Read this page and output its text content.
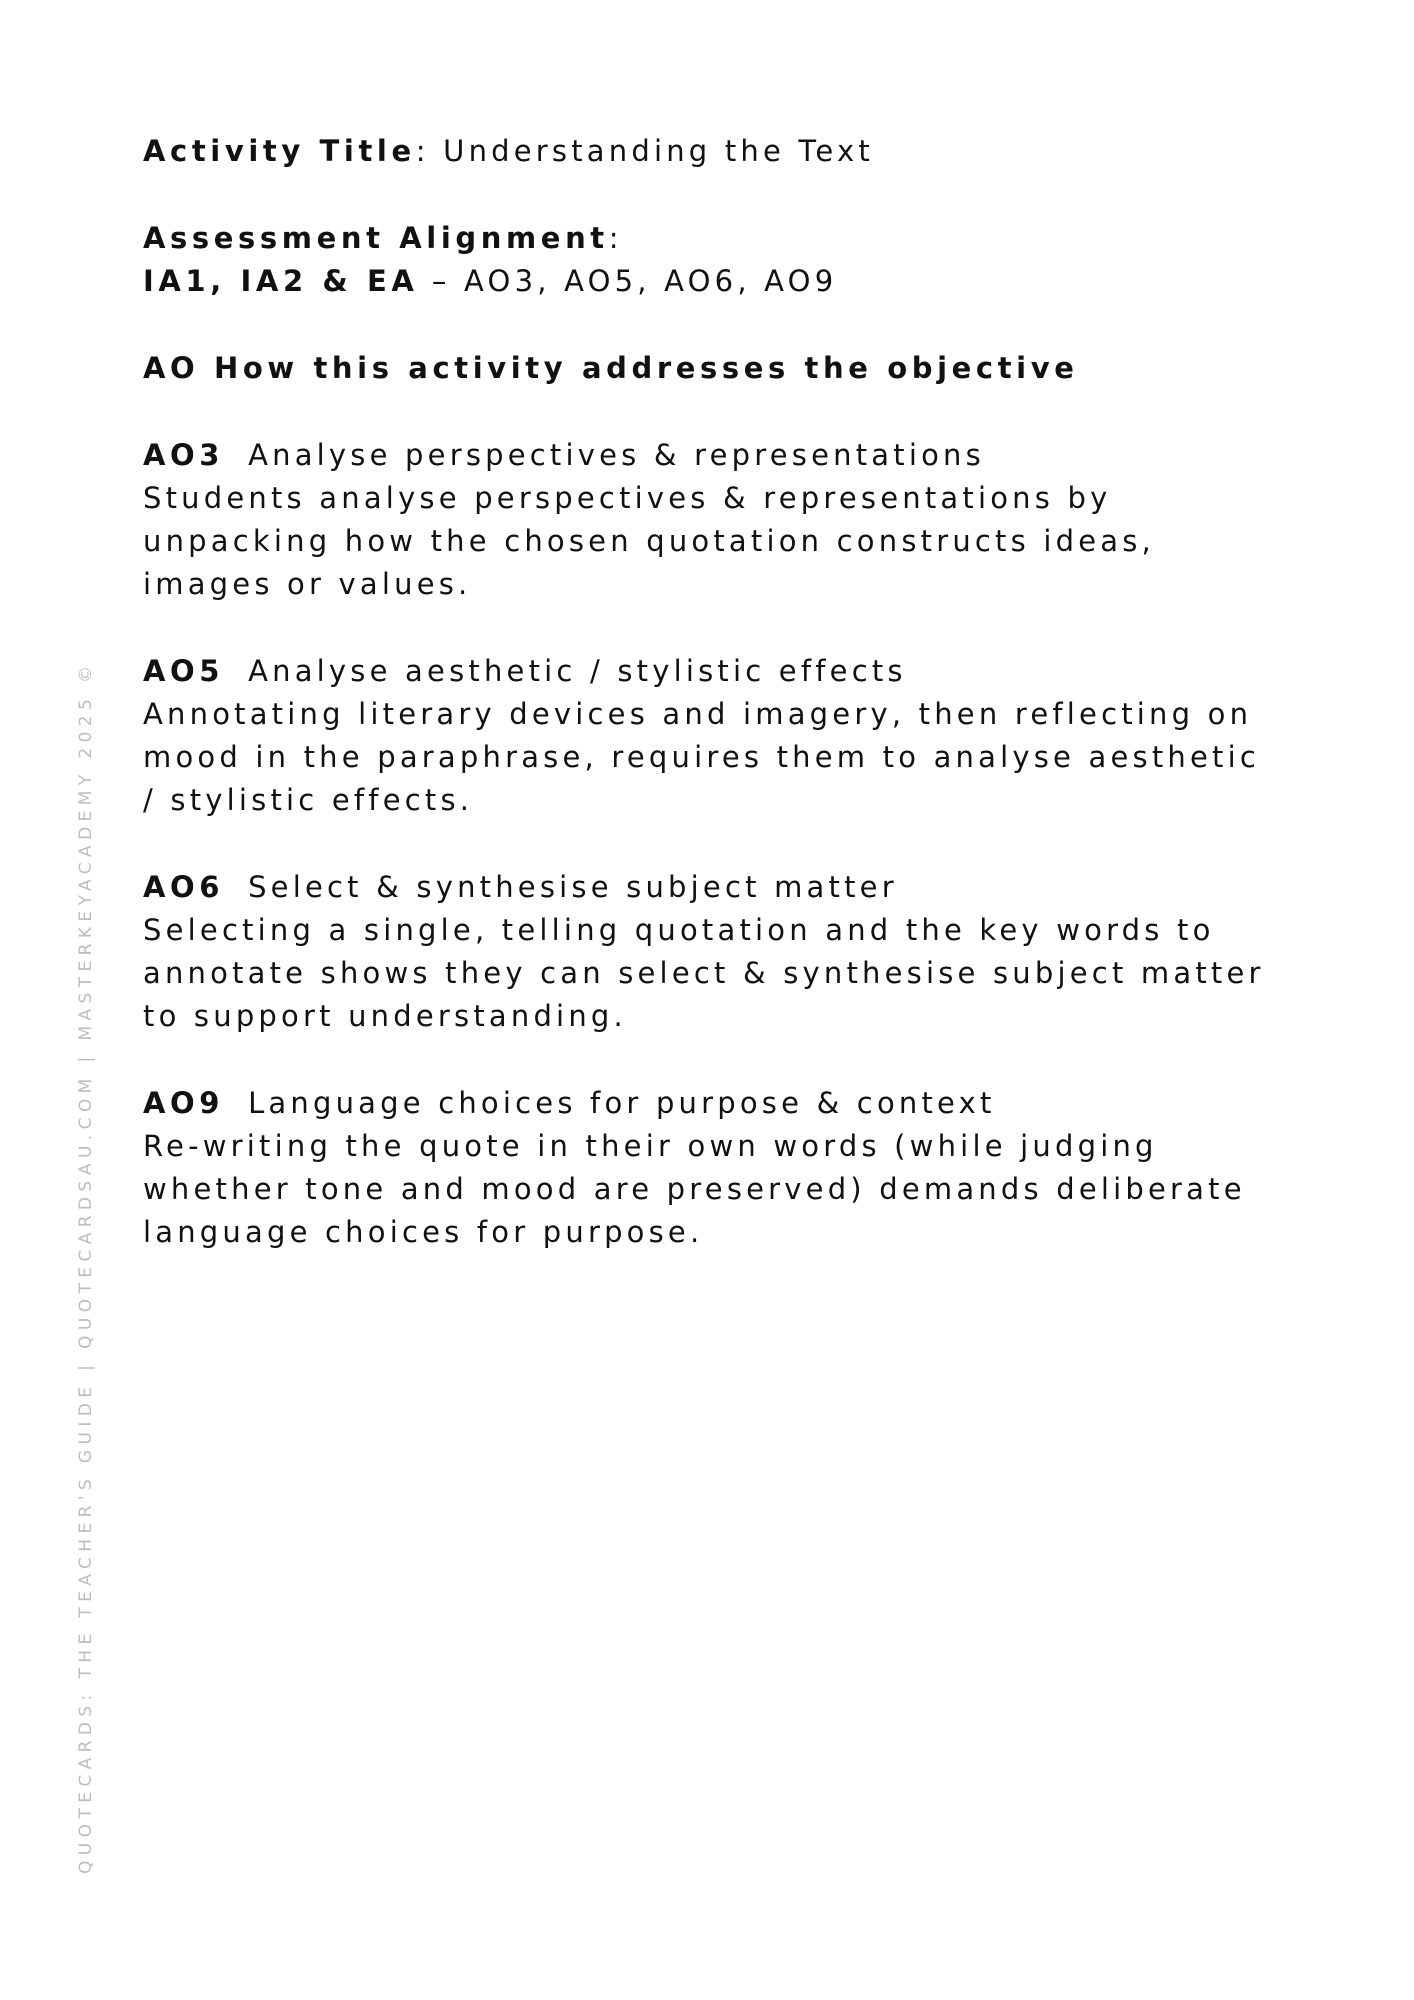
Activity Title: Understanding the Text

Assessment Alignment:

IA1, IA2 & EA – AO3, AO5, AO6, AO9

AO How this activity addresses the objective

AO3 Analyse perspectives & representations

Students analyse perspectives & representations by

unpacking how the chosen quotation constructs ideas,

images or values.

AO5 Analyse aesthetic / stylistic effects

Annotating literary devices and imagery, then reflecting on

mood in the paraphrase, requires them to analyse aesthetic

/ stylistic effects.

AO6 Select & synthesise subject matter

Selecting a single, telling quotation and the key words to

annotate shows they can select & synthesise subject matter

to support understanding.

AO9 Language choices for purpose & context

Re-writing the quote in their own words (while judging

whether tone and mood are preserved) demands deliberate

language choices for purpose.

QUOTECARDS: THE TEACHER'S GUIDE | QUOTECARDSAU.COM | MASTERKEYACADEMY 2025 ©
